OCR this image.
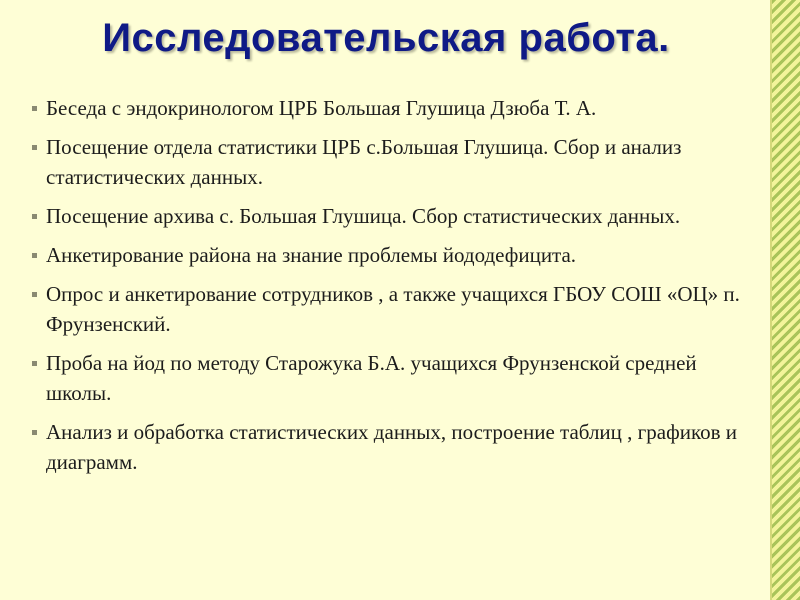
Исследовательская работа.
Беседа с эндокринологом ЦРБ Большая Глушица Дзюба Т. А.
Посещение отдела статистики ЦРБ с.Большая Глушица. Сбор и анализ статистических данных.
Посещение архива с. Большая Глушица. Сбор статистических данных.
Анкетирование района на знание проблемы йододефицита.
Опрос и анкетирование сотрудников , а также учащихся ГБОУ СОШ «ОЦ» п. Фрунзенский.
Проба на йод по методу Старожука Б.А. учащихся Фрунзенской средней школы.
Анализ и обработка статистических данных, построение таблиц , графиков и диаграмм.
